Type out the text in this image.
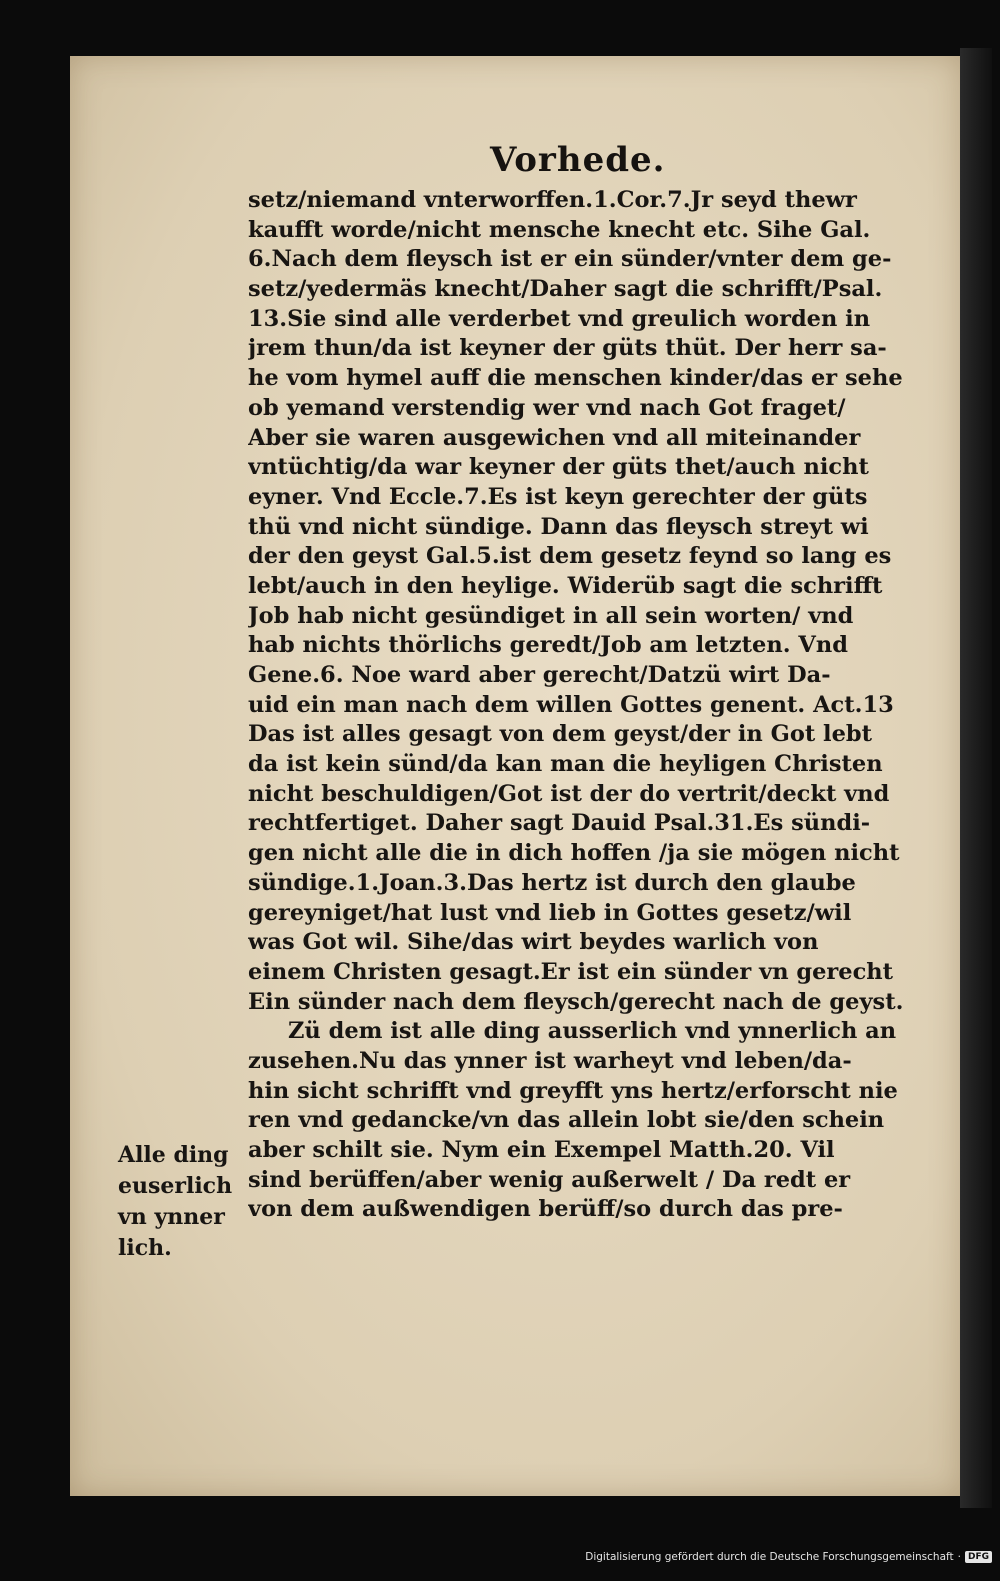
Vorhede.
setz/niemand vnterworffen.1.Cor.7.Jr seyd thewr
kaufft worde/nicht mensche knecht etc. Sihe Gal.
6.Nach dem fleysch ist er ein sünder/vnter dem ge-
setz/yedermäs knecht/Daher sagt die schrifft/Psal.
13.Sie sind alle verderbet vnd greulich worden in
jrem thun/da ist keyner der güts thüt. Der herr sa-
he vom hymel auff die menschen kinder/das er sehe
ob yemand verstendig wer vnd nach Got fraget/
Aber sie waren ausgewichen vnd all miteinander
vntüchtig/da war keyner der güts thet/auch nicht
eyner. Vnd Eccle.7.Es ist keyn gerechter der güts
thü vnd nicht sündige. Dann das fleysch streyt wi
der den geyst Gal.5.ist dem gesetz feynd so lang es
lebt/auch in den heylige. Widerüb sagt die schrifft
Job hab nicht gesündiget in all sein worten/ vnd
hab nichts thörlichs geredt/Job am letzten. Vnd
Gene.6. Noe ward aber gerecht/Datzü wirt Da-
uid ein man nach dem willen Gottes genent. Act.13
Das ist alles gesagt von dem geyst/der in Got lebt
da ist kein sünd/da kan man die heyligen Christen
nicht beschuldigen/Got ist der do vertrit/deckt vnd
rechtfertiget. Daher sagt Dauid Psal.31.Es sündi-
gen nicht alle die in dich hoffen /ja sie mögen nicht
sündige.1.Joan.3.Das hertz ist durch den glaube
gereyniget/hat lust vnd lieb in Gottes gesetz/wil
was Got wil. Sihe/das wirt beydes warlich von
einem Christen gesagt.Er ist ein sünder vn gerecht
Ein sünder nach dem fleysch/gerecht nach de geyst.
Zü dem ist alle ding ausserlich vnd ynnerlich an
zusehen.Nu das ynner ist warheyt vnd leben/da-
hin sicht schrifft vnd greyfft yns hertz/erforscht nie
ren vnd gedancke/vn das allein lobt sie/den schein
aber schilt sie. Nym ein Exempel Matth.20. Vil
sind berüffen/aber wenig außerwelt / Da redt er
von dem außwendigen berüff/so durch das pre-
Alle ding
euserlich
vn ynner
lich.
Digitalisierung gefördert durch die Deutsche Forschungsgemeinschaft · DFG
